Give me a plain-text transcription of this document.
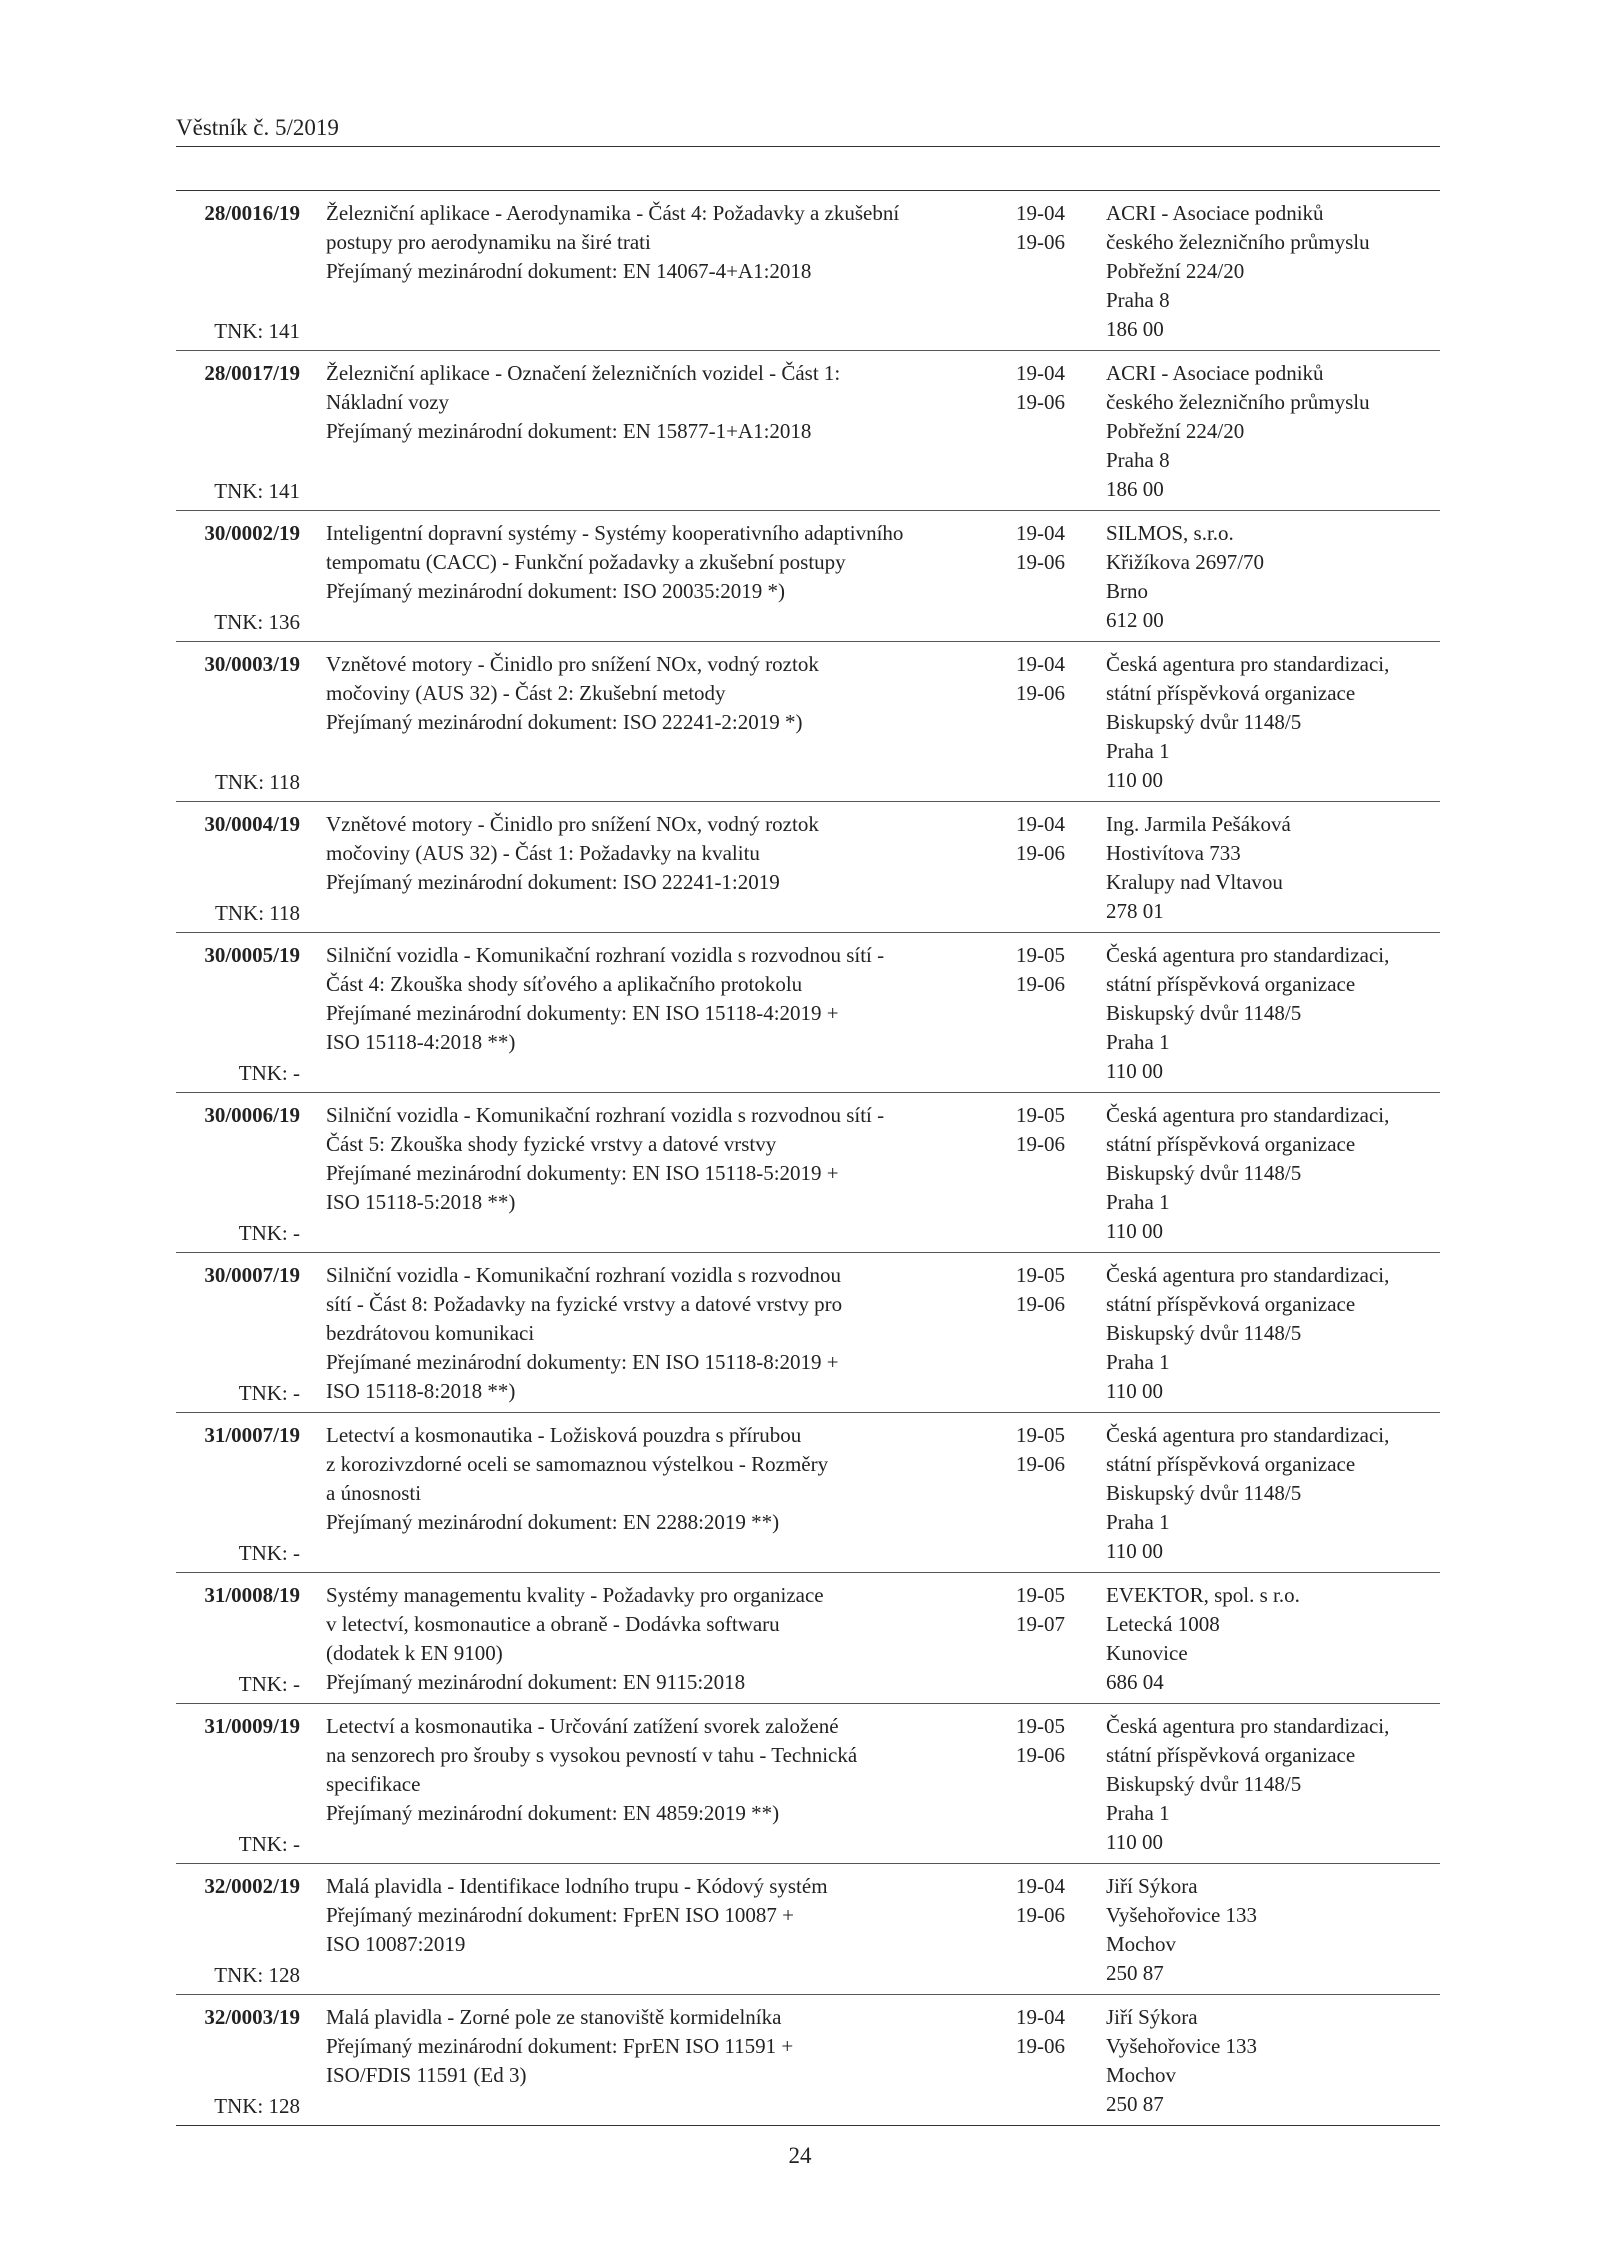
Věstník č. 5/2019
28/0016/19
TNK: 141
Železniční aplikace - Aerodynamika - Část 4: Požadavky a zkušební
postupy pro aerodynamiku na širé trati
Přejímaný mezinárodní dokument: EN 14067-4+A1:2018
19-04
19-06
ACRI - Asociace podniků
českého železničního průmyslu
Pobřežní 224/20
Praha 8
186 00
28/0017/19
TNK: 141
Železniční aplikace - Označení železničních vozidel - Část 1:
Nákladní vozy
Přejímaný mezinárodní dokument: EN 15877-1+A1:2018
19-04
19-06
ACRI - Asociace podniků
českého železničního průmyslu
Pobřežní 224/20
Praha 8
186 00
30/0002/19
TNK: 136
Inteligentní dopravní systémy - Systémy kooperativního adaptivního
tempomatu (CACC) - Funkční požadavky a zkušební postupy
Přejímaný mezinárodní dokument: ISO 20035:2019 *)
19-04
19-06
SILMOS, s.r.o.
Křižíkova 2697/70
Brno
612 00
30/0003/19
TNK: 118
Vznětové motory - Činidlo pro snížení NOx, vodný roztok
močoviny (AUS 32) - Část 2: Zkušební metody
Přejímaný mezinárodní dokument: ISO 22241-2:2019 *)
19-04
19-06
Česká agentura pro standardizaci,
státní příspěvková organizace
Biskupský dvůr 1148/5
Praha 1
110 00
30/0004/19
TNK: 118
Vznětové motory - Činidlo pro snížení NOx, vodný roztok
močoviny (AUS 32) - Část 1: Požadavky na kvalitu
Přejímaný mezinárodní dokument: ISO 22241-1:2019
19-04
19-06
Ing. Jarmila Pešáková
Hostivítova 733
Kralupy nad Vltavou
278 01
30/0005/19
TNK: -
Silniční vozidla - Komunikační rozhraní vozidla s rozvodnou sítí -
Část 4: Zkouška shody síťového a aplikačního protokolu
Přejímané mezinárodní dokumenty: EN ISO 15118-4:2019 +
ISO 15118-4:2018 **)
19-05
19-06
Česká agentura pro standardizaci,
státní příspěvková organizace
Biskupský dvůr 1148/5
Praha 1
110 00
30/0006/19
TNK: -
Silniční vozidla - Komunikační rozhraní vozidla s rozvodnou sítí -
Část 5: Zkouška shody fyzické vrstvy a datové vrstvy
Přejímané mezinárodní dokumenty: EN ISO 15118-5:2019 +
ISO 15118-5:2018 **)
19-05
19-06
Česká agentura pro standardizaci,
státní příspěvková organizace
Biskupský dvůr 1148/5
Praha 1
110 00
30/0007/19
TNK: -
Silniční vozidla - Komunikační rozhraní vozidla s rozvodnou
sítí - Část 8: Požadavky na fyzické vrstvy a datové vrstvy pro
bezdrátovou komunikaci
Přejímané mezinárodní dokumenty: EN ISO 15118-8:2019 +
ISO 15118-8:2018 **)
19-05
19-06
Česká agentura pro standardizaci,
státní příspěvková organizace
Biskupský dvůr 1148/5
Praha 1
110 00
31/0007/19
TNK: -
Letectví a kosmonautika - Ložisková pouzdra s přírubou
z korozivzdorné oceli se samomaznou výstelkou - Rozměry
a únosnosti
Přejímaný mezinárodní dokument: EN 2288:2019 **)
19-05
19-06
Česká agentura pro standardizaci,
státní příspěvková organizace
Biskupský dvůr 1148/5
Praha 1
110 00
31/0008/19
TNK: -
Systémy managementu kvality - Požadavky pro organizace
v letectví, kosmonautice a obraně - Dodávka softwaru
(dodatek k EN 9100)
Přejímaný mezinárodní dokument: EN 9115:2018
19-05
19-07
EVEKTOR, spol. s r.o.
Letecká 1008
Kunovice
686 04
31/0009/19
TNK: -
Letectví a kosmonautika - Určování zatížení svorek založené
na senzorech pro šrouby s vysokou pevností v tahu - Technická
specifikace
Přejímaný mezinárodní dokument: EN 4859:2019 **)
19-05
19-06
Česká agentura pro standardizaci,
státní příspěvková organizace
Biskupský dvůr 1148/5
Praha 1
110 00
32/0002/19
TNK: 128
Malá plavidla - Identifikace lodního trupu - Kódový systém
Přejímaný mezinárodní dokument: FprEN ISO 10087 +
ISO 10087:2019
19-04
19-06
Jiří Sýkora
Vyšehořovice 133
Mochov
250 87
32/0003/19
TNK: 128
Malá plavidla - Zorné pole ze stanoviště kormidelníka
Přejímaný mezinárodní dokument: FprEN ISO 11591 +
ISO/FDIS 11591 (Ed 3)
19-04
19-06
Jiří Sýkora
Vyšehořovice 133
Mochov
250 87
24
